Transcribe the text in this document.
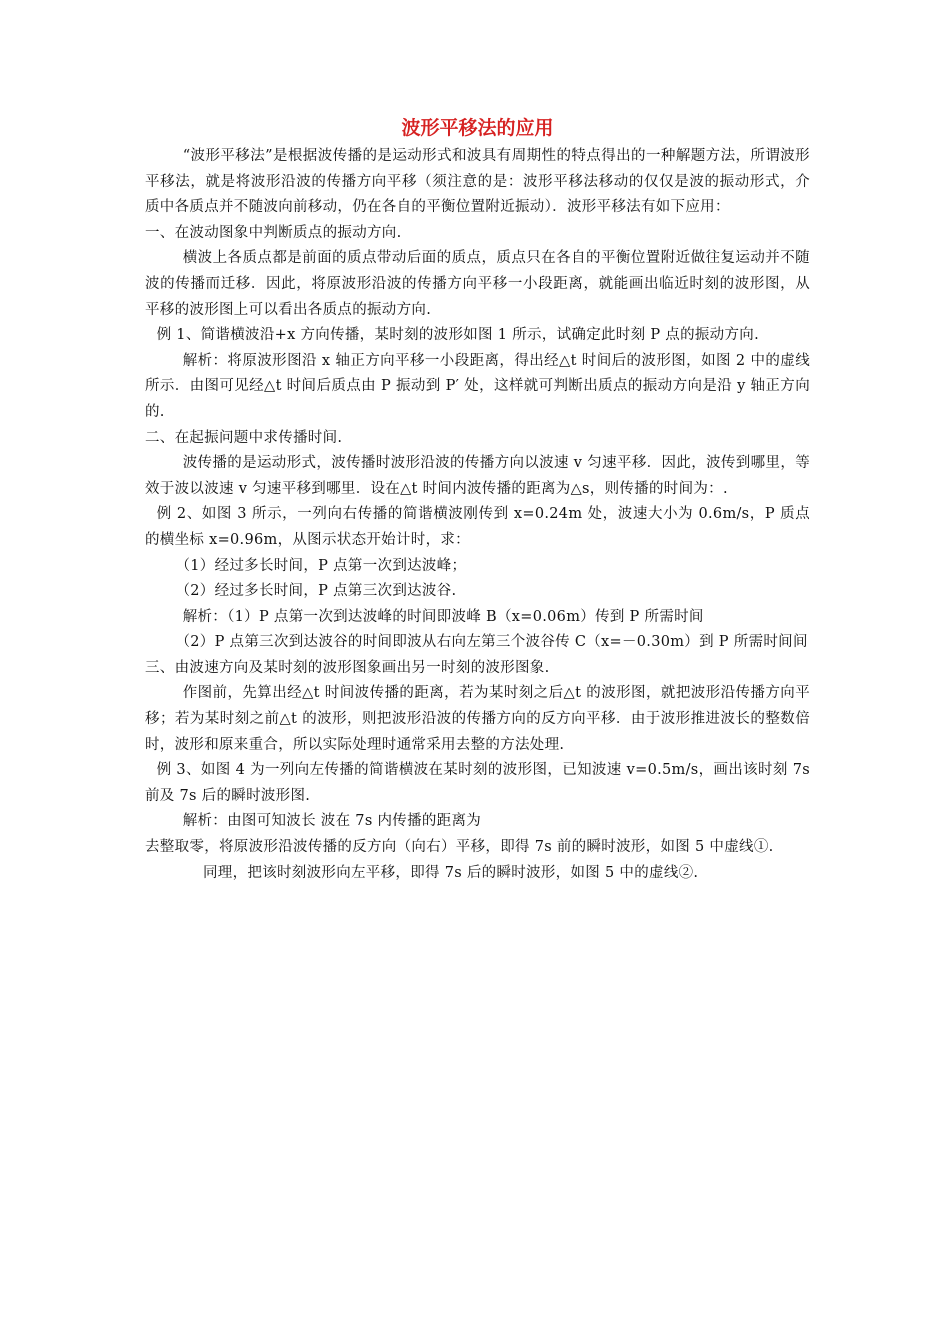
波形平移法的应用

“波形平移法”是根据波传播的是运动形式和波具有周期性的特点得出的一种解题方法，所谓波形平移法，就是将波形沿波的传播方向平移（须注意的是：波形平移法移动的仅仅是波的振动形式，介质中各质点并不随波向前移动，仍在各自的平衡位置附近振动）．波形平移法有如下应用：

一、在波动图象中判断质点的振动方向.

横波上各质点都是前面的质点带动后面的质点，质点只在各自的平衡位置附近做往复运动并不随波的传播而迁移．因此，将原波形沿波的传播方向平移一小段距离，就能画出临近时刻的波形图，从平移的波形图上可以看出各质点的振动方向.

例 1、简谐横波沿+x 方向传播，某时刻的波形如图 1 所示，试确定此时刻 P 点的振动方向.

解析：将原波形图沿 x 轴正方向平移一小段距离，得出经△t 时间后的波形图，如图 2 中的虚线所示．由图可见经△t 时间后质点由 P 振动到 P′ 处，这样就可判断出质点的振动方向是沿 y 轴正方向的.

二、在起振问题中求传播时间.

波传播的是运动形式，波传播时波形沿波的传播方向以波速 v 匀速平移．因此，波传到哪里，等效于波以波速 v 匀速平移到哪里．设在△t 时间内波传播的距离为△s，则传播的时间为：.

例 2、如图 3 所示，一列向右传播的简谐横波刚传到 x=0.24m 处，波速大小为 0.6m/s，P 质点的横坐标 x=0.96m，从图示状态开始计时，求：

（1）经过多长时间，P 点第一次到达波峰；

（2）经过多长时间，P 点第三次到达波谷.

解析：（1）P 点第一次到达波峰的时间即波峰 B（x=0.06m）传到 P 所需时间

（2）P 点第三次到达波谷的时间即波从右向左第三个波谷传 C（x=－0.30m）到 P 所需时间间

三、由波速方向及某时刻的波形图象画出另一时刻的波形图象.

作图前，先算出经△t 时间波传播的距离，若为某时刻之后△t 的波形图，就把波形沿传播方向平移；若为某时刻之前△t 的波形，则把波形沿波的传播方向的反方向平移．由于波形推进波长的整数倍时，波形和原来重合，所以实际处理时通常采用去整的方法处理.

例 3、如图 4 为一列向左传播的简谐横波在某时刻的波形图，已知波速 v=0.5m/s，画出该时刻 7s 前及 7s 后的瞬时波形图.

解析：由图可知波长 波在 7s 内传播的距离为

去整取零，将原波形沿波传播的反方向（向右）平移，即得 7s 前的瞬时波形，如图 5 中虚线①.

同理，把该时刻波形向左平移，即得 7s 后的瞬时波形，如图 5 中的虚线②.
